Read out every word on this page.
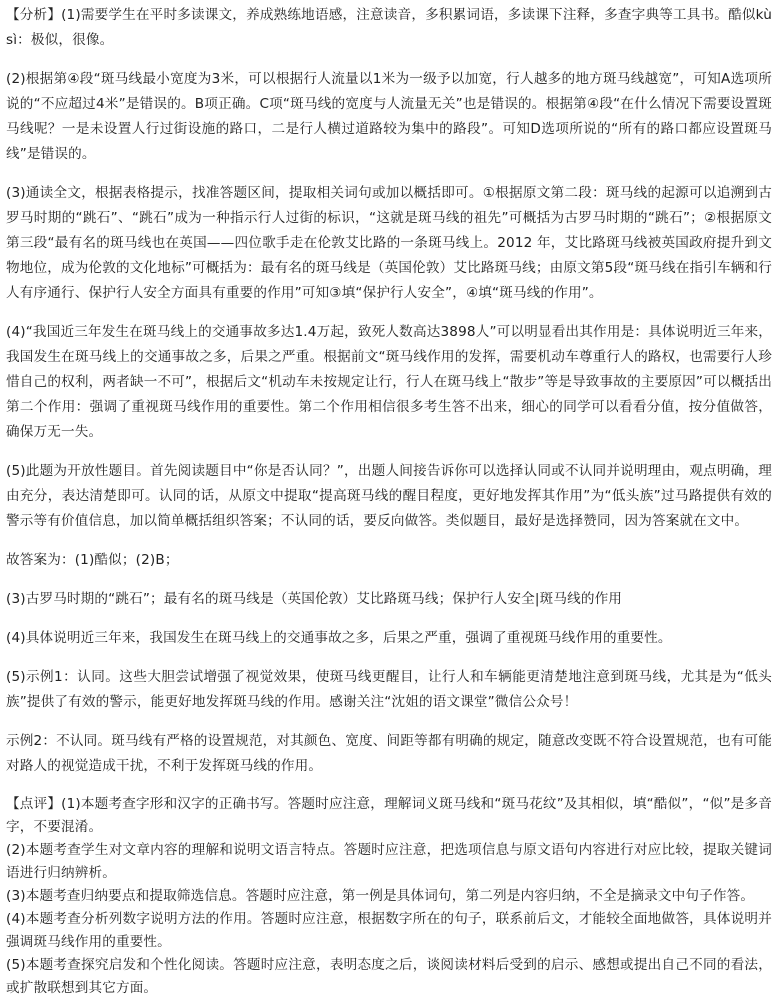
【分析】(1)需要学生在平时多读课文，养成熟练地语感，注意读音，多积累词语，多读课下注释，多查字典等工具书。酷似kù sì：极似，很像。

(2)根据第④段“斑马线最小宽度为3米，可以根据行人流量以1米为一级予以加宽，行人越多的地方斑马线越宽”，可知A选项所说的“不应超过4米”是错误的。B项正确。C项“斑马线的宽度与人流量无关”也是错误的。根据第④段“在什么情况下需要设置斑马线呢？一是未设置人行过街设施的路口，二是行人横过道路较为集中的路段”。可知D选项所说的“所有的路口都应设置斑马线”是错误的。

(3)通读全文，根据表格提示，找准答题区间，提取相关词句或加以概括即可。①根据原文第二段：斑马线的起源可以追溯到古罗马时期的“跳石”、“跳石”成为一种指示行人过街的标识，“这就是斑马线的祖先”可概括为古罗马时期的“跳石”；②根据原文第三段“最有名的斑马线也在英国——四位歌手走在伦敦艾比路的一条斑马线上。2012 年，艾比路斑马线被英国政府提升到文物地位，成为伦敦的文化地标”可概括为：最有名的斑马线是（英国伦敦）艾比路斑马线；由原文第5段“斑马线在指引车辆和行人有序通行、保护行人安全方面具有重要的作用”可知③填“保护行人安全”，④填“斑马线的作用”。

(4)“我国近三年发生在斑马线上的交通事故多达1.4万起，致死人数高达3898人”可以明显看出其作用是：具体说明近三年来，我国发生在斑马线上的交通事故之多，后果之严重。根据前文“斑马线作用的发挥，需要机动车尊重行人的路权，也需要行人珍惜自己的权利，两者缺一不可”，根据后文“机动车未按规定让行，行人在斑马线上“散步”等是导致事故的主要原因”可以概括出第二个作用：强调了重视斑马线作用的重要性。第二个作用相信很多考生答不出来，细心的同学可以看看分值，按分值做答，确保万无一失。

(5)此题为开放性题目。首先阅读题目中“你是否认同？”，出题人间接告诉你可以选择认同或不认同并说明理由，观点明确，理由充分，表达清楚即可。认同的话，从原文中提取“提高斑马线的醒目程度，更好地发挥其作用”为“低头族”过马路提供有效的警示等有价值信息，加以简单概括组织答案；不认同的话，要反向做答。类似题目，最好是选择赞同，因为答案就在文中。

故答案为：(1)酷似；(2)B；

(3)古罗马时期的“跳石”；最有名的斑马线是（英国伦敦）艾比路斑马线；保护行人安全|斑马线的作用

(4)具体说明近三年来，我国发生在斑马线上的交通事故之多，后果之严重，强调了重视斑马线作用的重要性。

(5)示例1：认同。这些大胆尝试增强了视觉效果，使斑马线更醒目，让行人和车辆能更清楚地注意到斑马线，尤其是为“低头族”提供了有效的警示，能更好地发挥斑马线的作用。感谢关注“沈姐的语文课堂”微信公众号！

示例2：不认同。斑马线有严格的设置规范，对其颜色、宽度、间距等都有明确的规定，随意改变既不符合设置规范，也有可能对路人的视觉造成干扰，不利于发挥斑马线的作用。

【点评】(1)本题考查字形和汉字的正确书写。答题时应注意，理解词义斑马线和“斑马花纹”及其相似，填“酷似”，“似”是多音字，不要混淆。

(2)本题考查学生对文章内容的理解和说明文语言特点。答题时应注意，把选项信息与原文语句内容进行对应比较，提取关键词语进行归纳辨析。

(3)本题考查归纳要点和提取筛选信息。答题时应注意，第一例是具体词句，第二列是内容归纳，不全是摘录文中句子作答。

(4)本题考查分析列数字说明方法的作用。答题时应注意，根据数字所在的句子，联系前后文，才能较全面地做答，具体说明并强调斑马线作用的重要性。

(5)本题考查探究启发和个性化阅读。答题时应注意，表明态度之后，谈阅读材料后受到的启示、感想或提出自己不同的看法，或扩散联想到其它方面。
